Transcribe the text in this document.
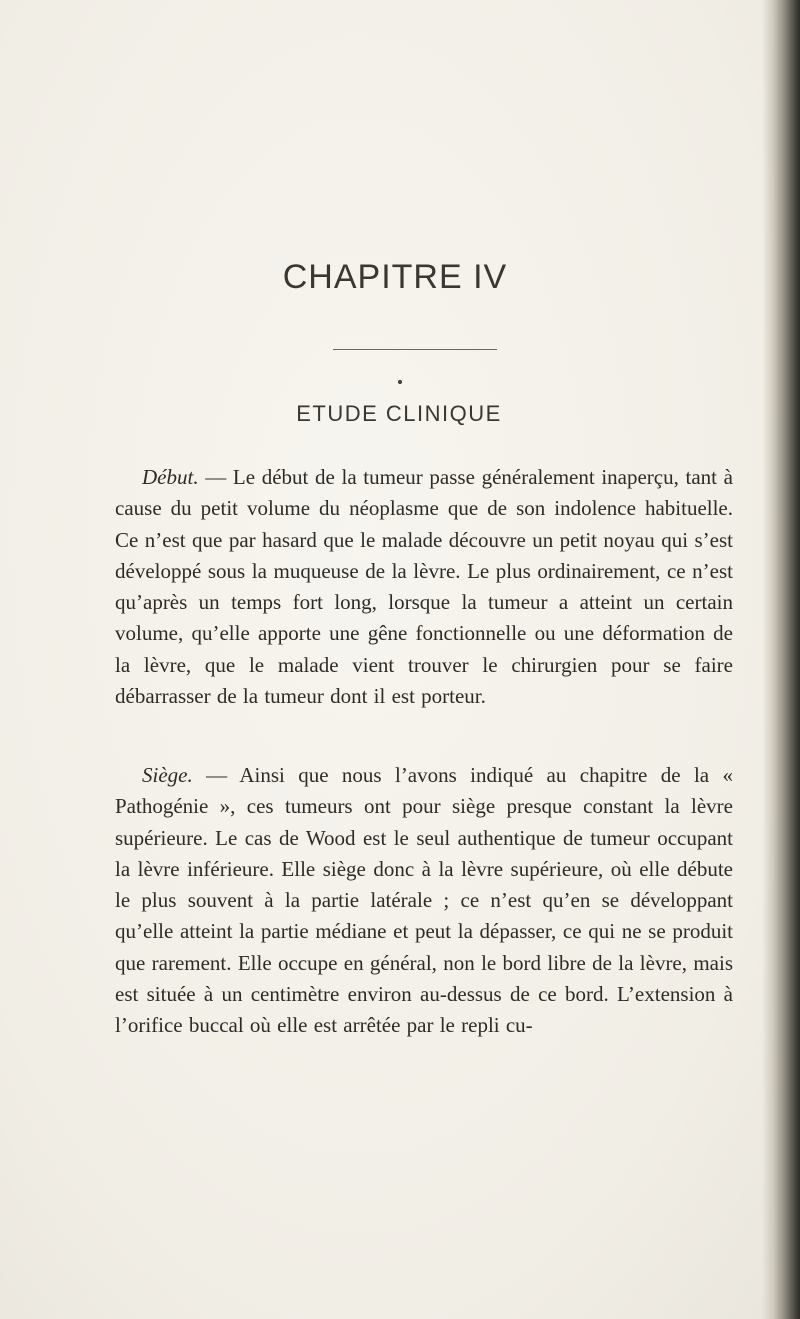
CHAPITRE IV
ETUDE CLINIQUE

Début. — Le début de la tumeur passe généralement inaperçu, tant à cause du petit volume du néoplasme que de son indolence habituelle. Ce n’est que par hasard que le malade découvre un petit noyau qui s’est développé sous la muqueuse de la lèvre. Le plus ordinairement, ce n’est qu’après un temps fort long, lorsque la tumeur a atteint un certain volume, qu’elle apporte une gêne fonctionnelle ou une déformation de la lèvre, que le malade vient trouver le chirurgien pour se faire débarrasser de la tumeur dont il est porteur.

Siège. — Ainsi que nous l’avons indiqué au chapitre de la « Pathogénie », ces tumeurs ont pour siège presque constant la lèvre supérieure. Le cas de Wood est le seul authentique de tumeur occupant la lèvre inférieure. Elle siège donc à la lèvre supérieure, où elle débute le plus souvent à la partie latérale ; ce n’est qu’en se développant qu’elle atteint la partie médiane et peut la dépasser, ce qui ne se produit que rarement. Elle occupe en général, non le bord libre de la lèvre, mais est située à un centimètre environ au-dessus de ce bord. L’extension à l’orifice buccal où elle est arrêtée par le repli cu-
